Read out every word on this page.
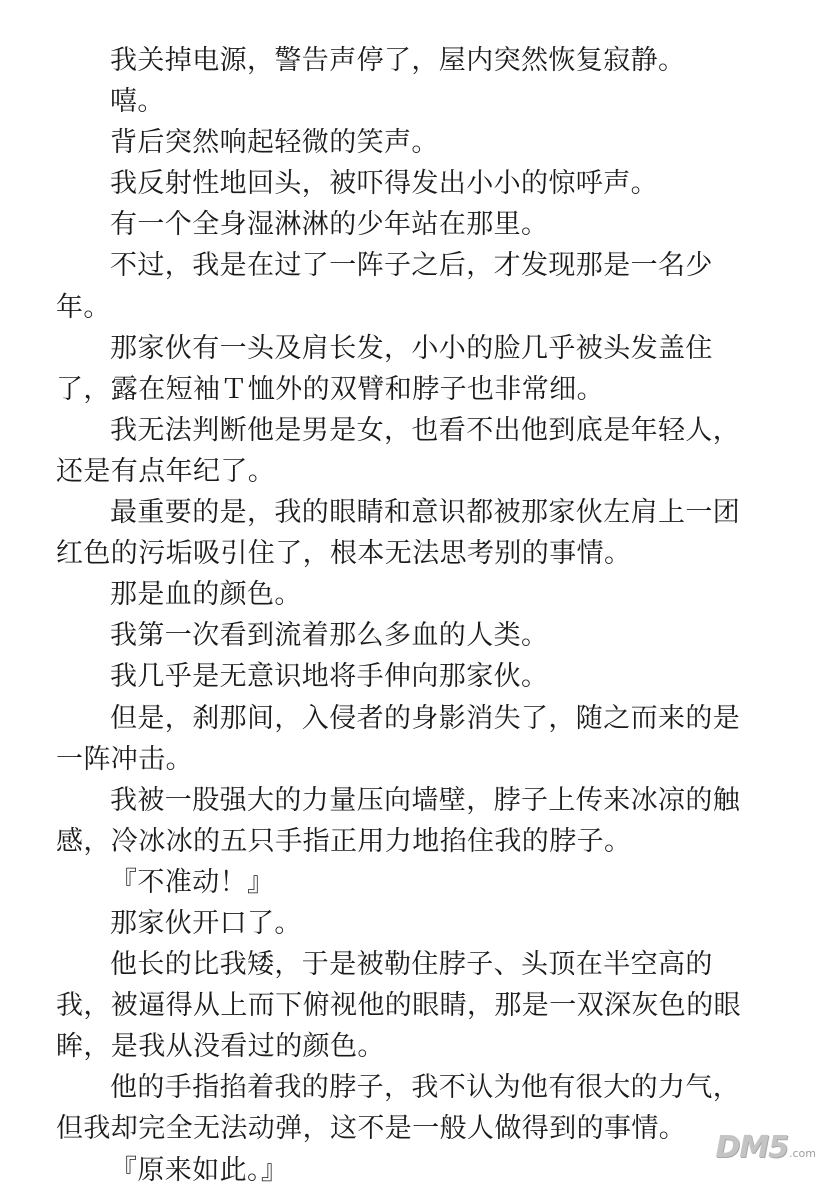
我关掉电源，警告声停了，屋内突然恢复寂静。

嘻。

背后突然响起轻微的笑声。

我反射性地回头，被吓得发出小小的惊呼声。

有一个全身湿淋淋的少年站在那里。

不过，我是在过了一阵子之后，才发现那是一名少年。

那家伙有一头及肩长发，小小的脸几乎被头发盖住了，露在短袖Ｔ恤外的双臂和脖子也非常细。

我无法判断他是男是女，也看不出他到底是年轻人，还是有点年纪了。

最重要的是，我的眼睛和意识都被那家伙左肩上一团红色的污垢吸引住了，根本无法思考别的事情。

那是血的颜色。

我第一次看到流着那么多血的人类。

我几乎是无意识地将手伸向那家伙。

但是，刹那间，入侵者的身影消失了，随之而来的是一阵冲击。

我被一股强大的力量压向墙壁，脖子上传来冰凉的触感，冷冰冰的五只手指正用力地掐住我的脖子。

『不准动！』

那家伙开口了。

他长的比我矮，于是被勒住脖子、头顶在半空高的我，被逼得从上而下俯视他的眼睛，那是一双深灰色的眼眸，是我从没看过的颜色。

他的手指掐着我的脖子，我不认为他有很大的力气，但我却完全无法动弹，这不是一般人做得到的事情。

『原来如此。』

DM5 .com
